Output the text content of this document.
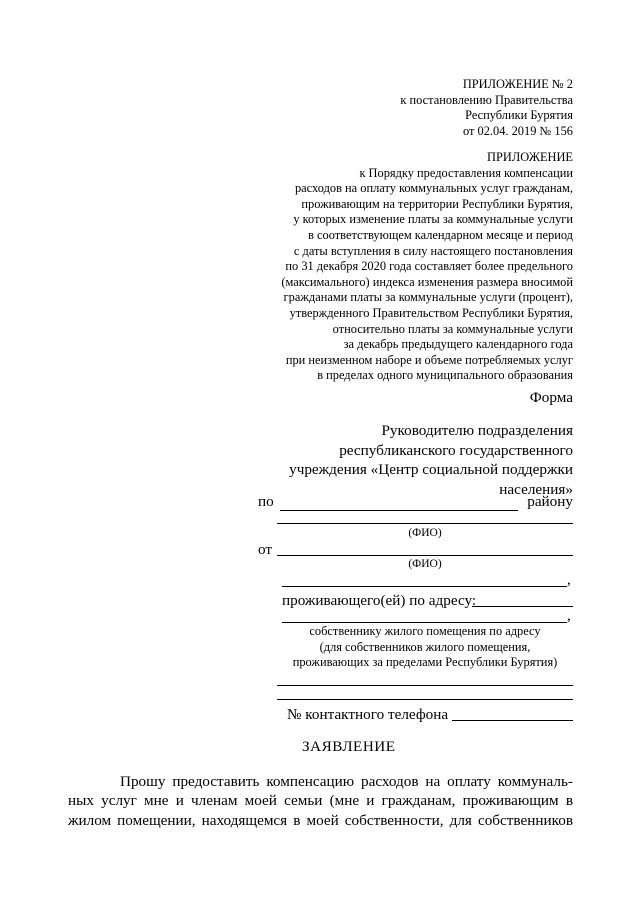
ПРИЛОЖЕНИЕ № 2
к постановлению Правительства
Республики Бурятия
от 02.04. 2019 № 156
ПРИЛОЖЕНИЕ
к Порядку предоставления компенсации
расходов на оплату коммунальных услуг гражданам,
проживающим на территории Республики Бурятия,
у которых изменение платы за коммунальные услуги
в соответствующем календарном месяце и период
с даты вступления в силу настоящего постановления
по 31 декабря 2020 года составляет более предельного
(максимального) индекса изменения размера вносимой
гражданами платы за коммунальные услуги (процент),
утвержденного Правительством Республики Бурятия,
относительно платы за коммунальные услуги
за декабрь предыдущего календарного года
при неизменном наборе и объеме потребляемых услуг
в пределах одного муниципального образования
Форма
Руководителю подразделения
республиканского государственного
учреждения «Центр социальной поддержки
населения»
по	району
(ФИО)
от
(ФИО)
,
проживающего(ей) по адресу:
,
собственнику жилого помещения по адресу
(для собственников жилого помещения,
проживающих за пределами Республики Бурятия)
№ контактного телефона
ЗАЯВЛЕНИЕ
Прошу предоставить компенсацию расходов на оплату коммуналь-
ных услуг мне и членам моей семьи (мне и гражданам, проживающим в
жилом помещении, находящемся в моей собственности, для собственников
